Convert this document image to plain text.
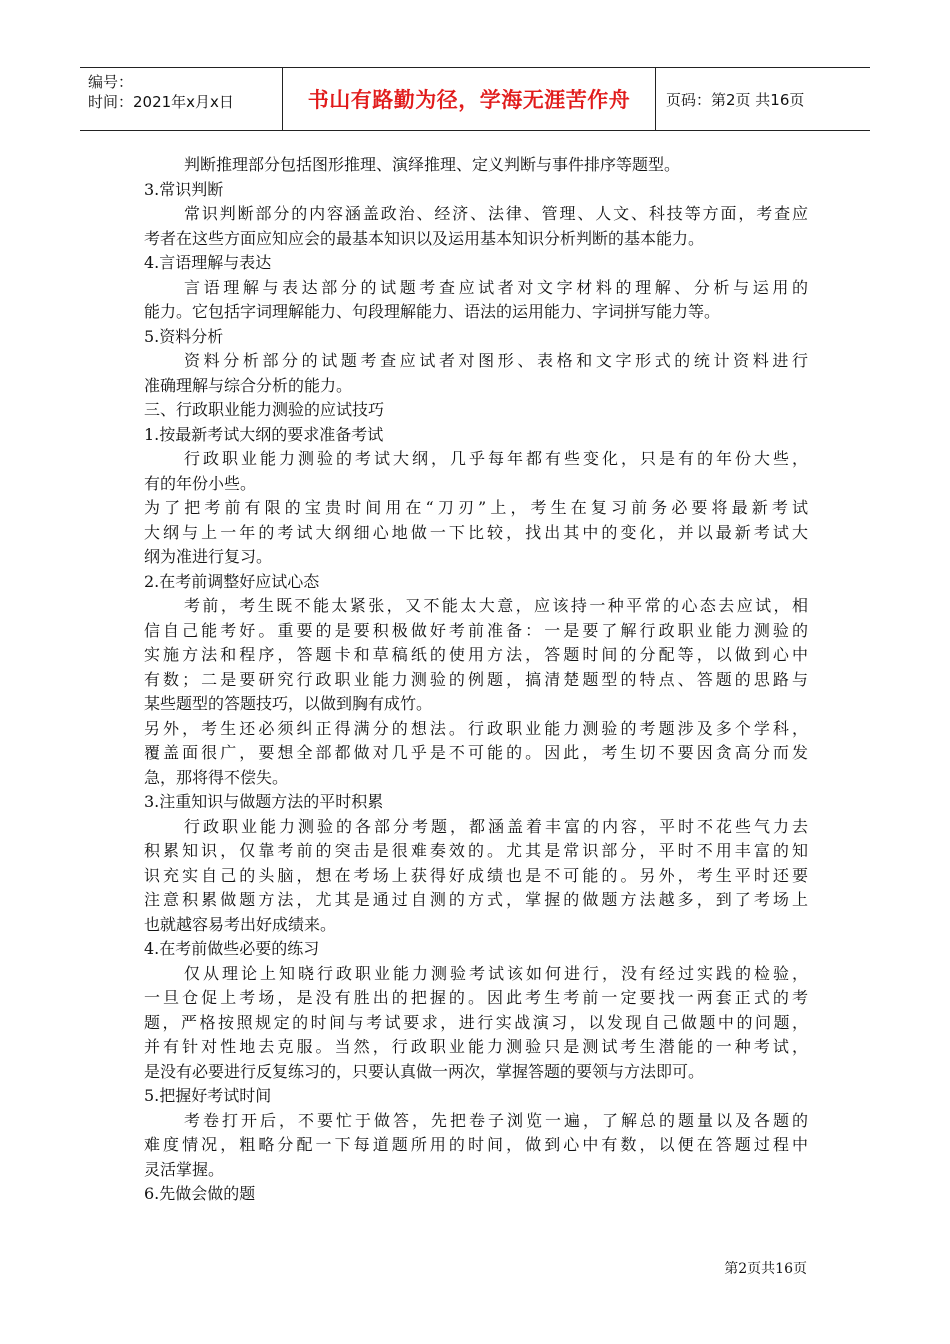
编号：
时间：2021年x月x日	书山有路勤为径，学海无涯苦作舟	页码：第2页 共16页
判断推理部分包括图形推理、演绎推理、定义判断与事件排序等题型。
3.常识判断
常识判断部分的内容涵盖政治、经济、法律、管理、人文、科技等方面，考查应
考者在这些方面应知应会的最基本知识以及运用基本知识分析判断的基本能力。
4.言语理解与表达
言语理解与表达部分的试题考查应试者对文字材料的理解、分析与运用的
能力。它包括字词理解能力、句段理解能力、语法的运用能力、字词拼写能力等。
5.资料分析
资料分析部分的试题考查应试者对图形、表格和文字形式的统计资料进行
准确理解与综合分析的能力。
三、行政职业能力测验的应试技巧
1.按最新考试大纲的要求准备考试
行政职业能力测验的考试大纲，几乎每年都有些变化，只是有的年份大些，
有的年份小些。
为了把考前有限的宝贵时间用在“刀刃”上，考生在复习前务必要将最新考试
大纲与上一年的考试大纲细心地做一下比较，找出其中的变化，并以最新考试大
纲为准进行复习。
2.在考前调整好应试心态
考前，考生既不能太紧张，又不能太大意，应该持一种平常的心态去应试，相
信自己能考好。重要的是要积极做好考前准备：一是要了解行政职业能力测验的
实施方法和程序，答题卡和草稿纸的使用方法，答题时间的分配等，以做到心中
有数；二是要研究行政职业能力测验的例题，搞清楚题型的特点、答题的思路与
某些题型的答题技巧，以做到胸有成竹。
另外，考生还必须纠正得满分的想法。行政职业能力测验的考题涉及多个学科，
覆盖面很广，要想全部都做对几乎是不可能的。因此，考生切不要因贪高分而发
急，那将得不偿失。
3.注重知识与做题方法的平时积累
行政职业能力测验的各部分考题，都涵盖着丰富的内容，平时不花些气力去
积累知识，仅靠考前的突击是很难奏效的。尤其是常识部分，平时不用丰富的知
识充实自己的头脑，想在考场上获得好成绩也是不可能的。另外，考生平时还要
注意积累做题方法，尤其是通过自测的方式，掌握的做题方法越多，到了考场上
也就越容易考出好成绩来。
4.在考前做些必要的练习
仅从理论上知晓行政职业能力测验考试该如何进行，没有经过实践的检验，
一旦仓促上考场，是没有胜出的把握的。因此考生考前一定要找一两套正式的考
题，严格按照规定的时间与考试要求，进行实战演习，以发现自己做题中的问题，
并有针对性地去克服。当然，行政职业能力测验只是测试考生潜能的一种考试，
是没有必要进行反复练习的，只要认真做一两次，掌握答题的要领与方法即可。
5.把握好考试时间
考卷打开后，不要忙于做答，先把卷子浏览一遍，了解总的题量以及各题的
难度情况，粗略分配一下每道题所用的时间，做到心中有数，以便在答题过程中
灵活掌握。
6.先做会做的题
第2页共16页
